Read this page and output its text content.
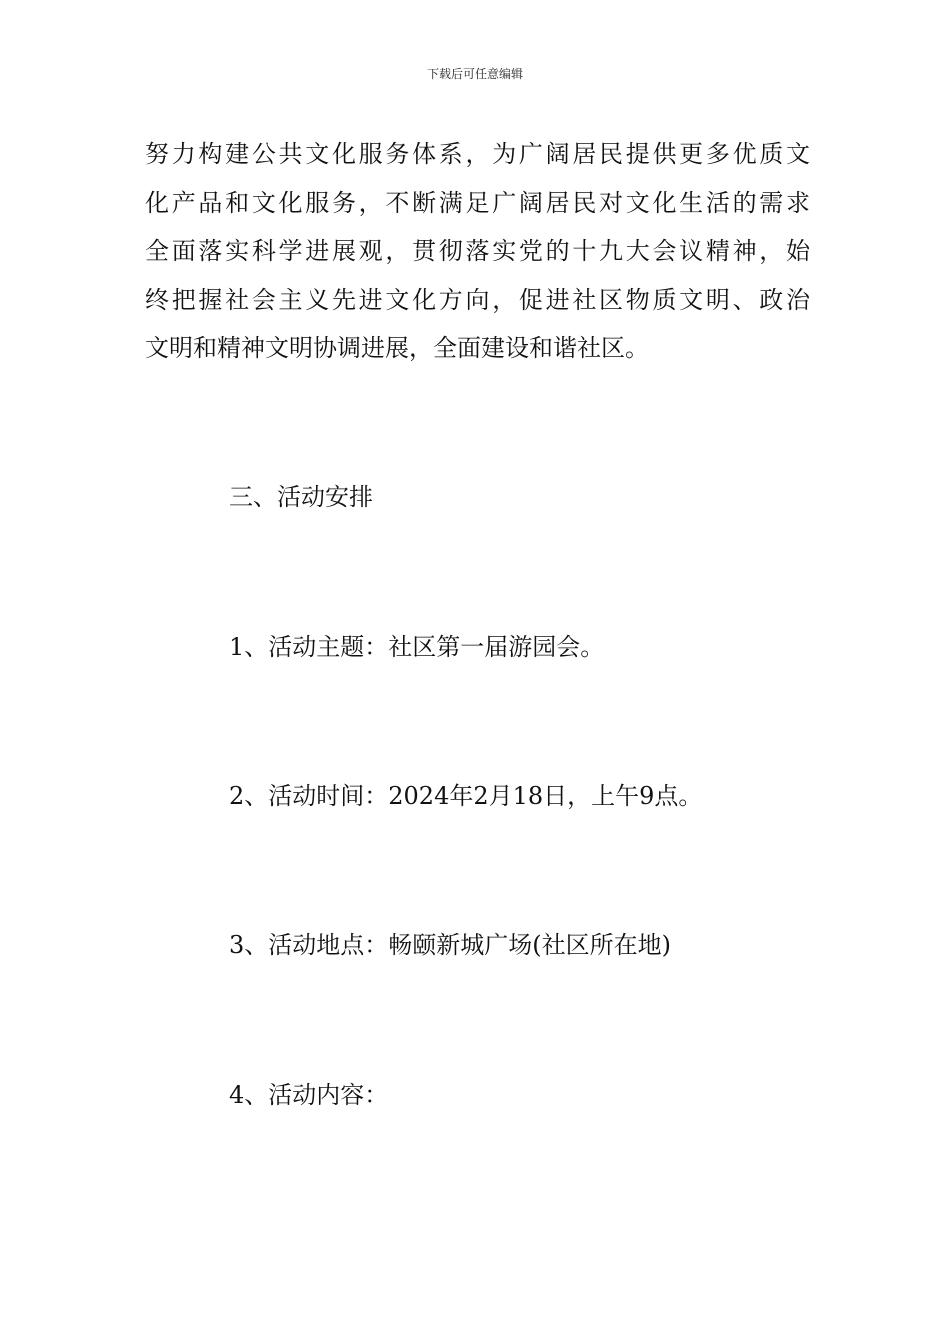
下载后可任意编辑
努力构建公共文化服务体系，为广阔居民提供更多优质文
化产品和文化服务，不断满足广阔居民对文化生活的需求
全面落实科学进展观，贯彻落实党的十九大会议精神，始
终把握社会主义先进文化方向，促进社区物质文明、政治
文明和精神文明协调进展，全面建设和谐社区。
三、活动安排
1、活动主题：社区第一届游园会。
2、活动时间：2024年2月18日，上午9点。
3、活动地点：畅颐新城广场(社区所在地)
4、活动内容：
